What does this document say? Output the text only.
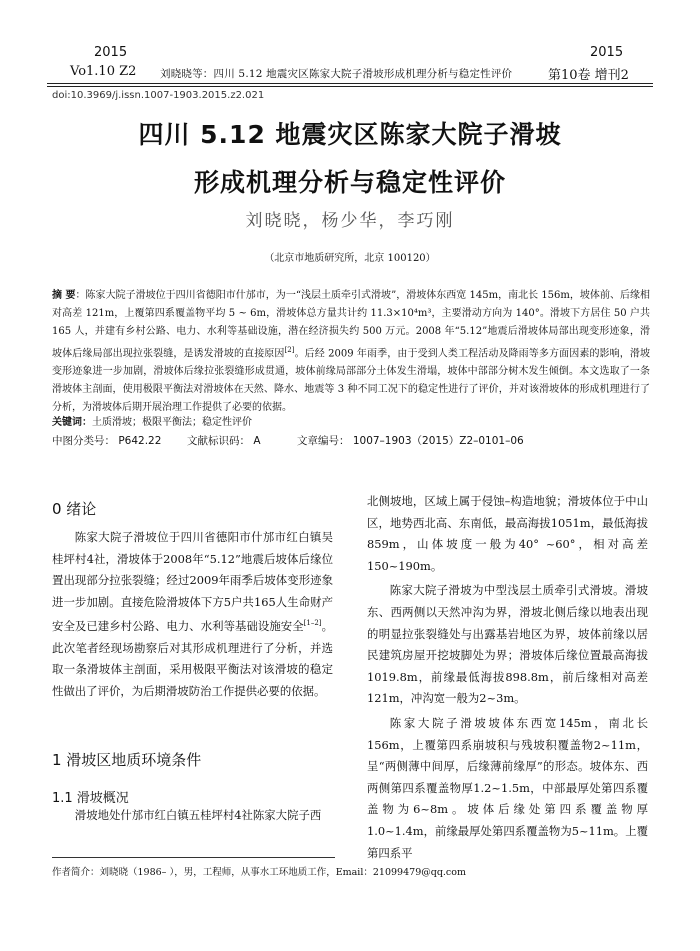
2015
Vo1.10 Z2 刘晓晓等：四川 5.12 地震灾区陈家大院子滑坡形成机理分析与稳定性评价
2015
第10卷 增刊2
doi:10.3969/j.issn.1007-1903.2015.z2.021
四川 5.12 地震灾区陈家大院子滑坡
形成机理分析与稳定性评价
刘晓晓，杨少华，李巧刚
（北京市地质研究所，北京 100120）
摘 要：陈家大院子滑坡位于四川省德阳市什邡市，为一“浅层土质牵引式滑坡”，滑坡体东西宽 145m，南北长 156m，坡体前、后缘相对高差 121m，上覆第四系覆盖物平均 5 ~ 6m，滑坡体总方量共计约 11.3×10⁴m³，主要滑动方向为 140°。滑坡下方居住 50 户共 165 人，并建有乡村公路、电力、水利等基础设施，潜在经济损失约 500 万元。2008 年“5.12”地震后滑坡体局部出现变形迹象，滑坡体后缘局部出现拉张裂缝，是诱发滑坡的直接原因[2]。后经 2009 年雨季，由于受到人类工程活动及降雨等多方面因素的影响，滑坡变形迹象进一步加剧，滑坡体后缘拉张裂缝形成贯通，坡体前缘局部部分土体发生滑塌，坡体中部部分树木发生倾倒。本文选取了一条滑坡体主剖面，使用极限平衡法对滑坡体在天然、降水、地震等 3 种不同工况下的稳定性进行了评价，并对该滑坡体的形成机理进行了分析，为滑坡体后期开展治理工作提供了必要的依据。
关键词：土质滑坡；极限平衡法；稳定性评价
中图分类号： P642.22 文献标识码： A	文章编号： 1007–1903（2015）Z2–0101–06
0 绪论

陈家大院子滑坡位于四川省德阳市什邡市红白镇吴桂坪村4社，滑坡体于2008年“5.12”地震后坡体后缘位置出现部分拉张裂缝；经过2009年雨季后坡体变形迹象进一步加剧。直接危险滑坡体下方5户共165人生命财产安全及已建乡村公路、电力、水利等基础设施安全[1–2]。此次笔者经现场勘察后对其形成机理进行了分析，并选取一条滑坡体主剖面，采用极限平衡法对该滑坡的稳定性做出了评价，为后期滑坡防治工作提供必要的依据。

1 滑坡区地质环境条件
1.1 滑坡概况

滑坡地处什邡市红白镇五桂坪村4社陈家大院子西

北侧坡地，区域上属于侵蚀–构造地貌；滑坡体位于中山区，地势西北高、东南低，最高海拔1051m，最低海拔859m，山体坡度一般为40° ~60°，相对高差150~190m。

陈家大院子滑坡为中型浅层土质牵引式滑坡。滑坡东、西两侧以天然冲沟为界，滑坡北侧后缘以地表出现的明显拉张裂缝处与出露基岩地区为界，坡体前缘以居民建筑房屋开挖坡脚处为界；滑坡体后缘位置最高海拔1019.8m，前缘最低海拔898.8m，前后缘相对高差121m，冲沟宽一般为2~3m。

陈家大院子滑坡坡体东西宽145m，南北长156m，上覆第四系崩坡积与残坡积覆盖物2~11m，呈“两侧薄中间厚，后缘薄前缘厚”的形态。坡体东、西两侧第四系覆盖物厚1.2~1.5m，中部最厚处第四系覆盖物为6~8m。坡体后缘处第四系覆盖物厚1.0~1.4m，前缘最厚处第四系覆盖物为5~11m。上覆第四系平

作者简介：刘晓晓（1986– ），男，工程师，从事水工环地质工作，Email：21099479@qq.com
